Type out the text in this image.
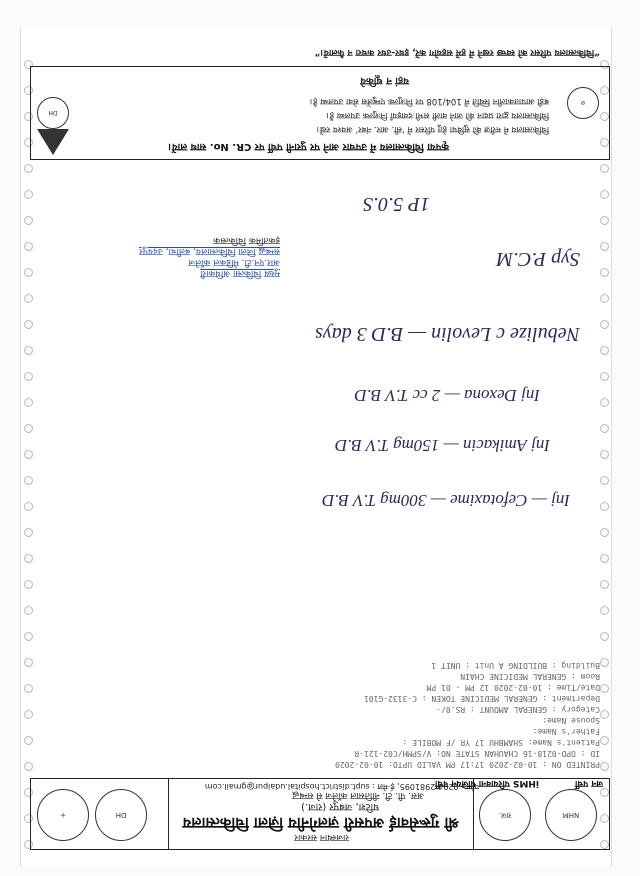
NHM
राज.
DH
+
राजस्थान सरकार
श्री गुरूसेवाई अपसरी ज़लगेनीय ज़िला चिकित्सालय
घटिश, जबपुर (राज.)
अस. पी. टी. नीतिसाल कॉलेज से सम्बद्ध
फोन : 0294-2981095, ई-मेल : supt.district.hospital.udaipur@gmail.com
iHMS परियावना पंजियन पर्ची	जन पर्ची
PRINTED ON : 10-02-2020 17:17 PM VALID UPTO: 10-02-2020
ID : OPD-0218-16 CHAUHAN STATE NO: V/SPMH/C02·121-R
Patient's Name: SHAMBHU 17 YR /F MOBILE :
Father's Name:
Spouse Name:
Category : GENERAL AMOUNT : RS.0/-
Department : GENERAL MEDICINE TOKEN : C-3132-G101
Date/Time : 10-02-2020 12 PM - 01 PM
Room : GENERAL MEDICINE CHAIN
Building : BUILDING A Unit : UNIT 1
Inj — Cefotaxime — 300mg T.V B.D
Inj Amikacin — 150mg T.V B.D
Inj Dexona — 2 cc T.V B.D
Nebulize c Levolin — B.D 3 days
Syp P.C.M
1P 5.0.S
मुख्य चिकित्सा अधिकारी
आर.एन.टी. मेडिकल कॉलेज
सम्बद्ध जिला चिकित्सालय, बलीचा, उदयपुर
इकतमिक चिकित्सक
कृपया चिकित्सालय में उपचार आने पर पुरानी पर्ची पर CR. No. साथ लायें।
चिकित्सालय में मरीज़ की सुविधा हेतु परिसर में ‘सी. आर. नंबर’ अवश्य रखें।
चिकित्सालय द्वारा प्रदान की जाने वाली सभी दवाइयाँ निःशुल्क उपलब्ध हैं।
बड़ी आपातकालीन स्थिति में 104/108 पर निःशुल्क एम्बुलेंस सेवा उपलब्ध है।
यहां न थूकिये
⊘
DH
“चिकित्सालय परिसर को स्वच्छ रखने में हमें सहयोग करें, इधर-उधर कचरा न फैलायें।”
